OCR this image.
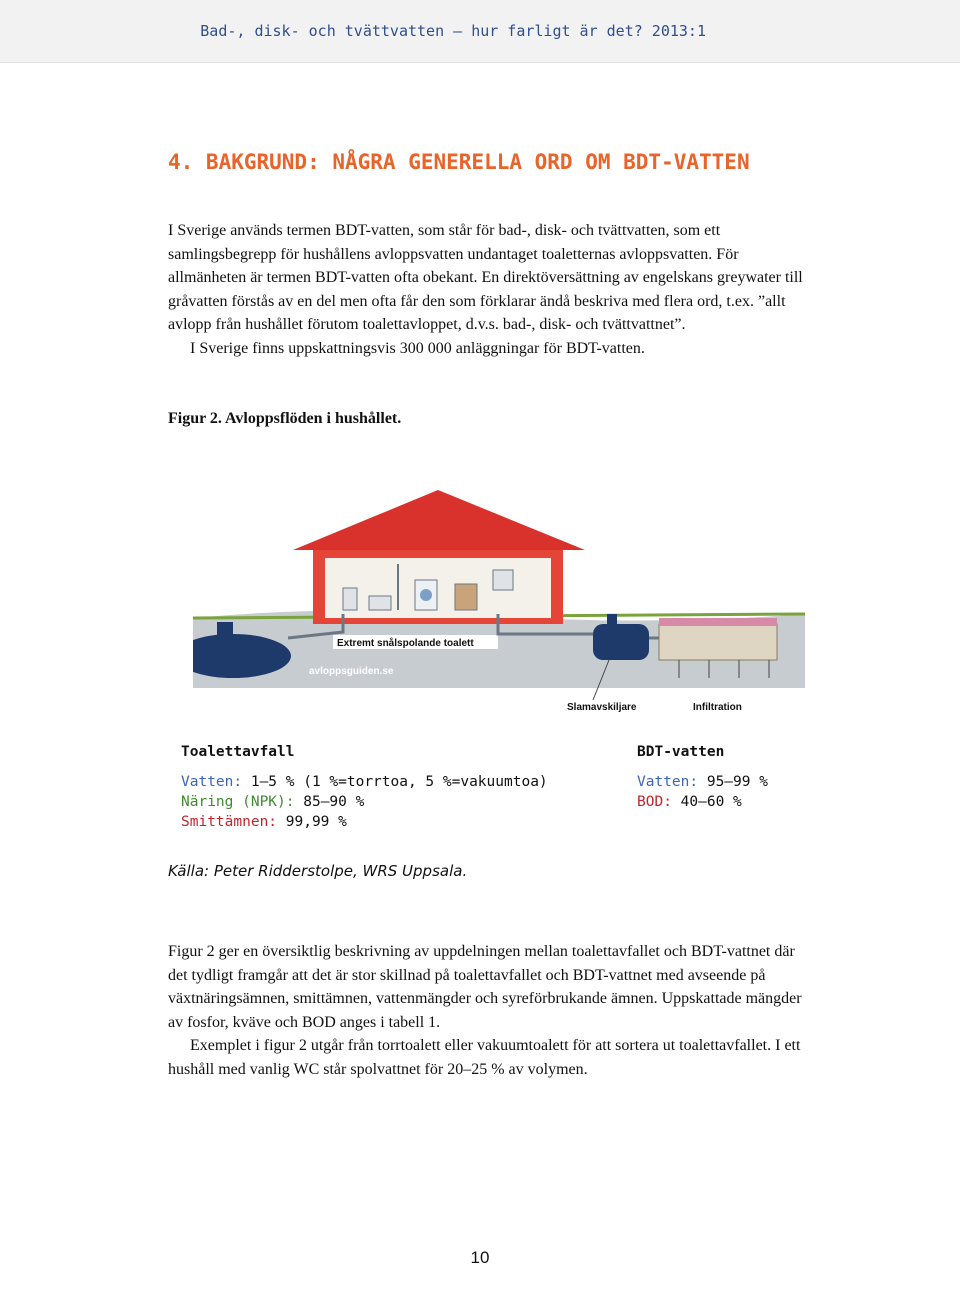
Bad-, disk- och tvättvatten – hur farligt är det? 2013:1
4. BAKGRUND: NÅGRA GENERELLA ORD OM BDT-VATTEN

I Sverige används termen BDT-vatten, som står för bad-, disk- och tvättvatten, som ett samlingsbegrepp för hushållens avloppsvatten undantaget toaletternas avloppsvatten. För allmänheten är termen BDT-vatten ofta obekant. En direktöversättning av engelskans greywater till gråvatten förstås av en del men ofta får den som förklarar ändå beskriva med flera ord, t.ex. ”allt avlopp från hushållet förutom toalettavloppet, d.v.s. bad-, disk- och tvättvattnet”.
I Sverige finns uppskattningsvis 300 000 anläggningar för BDT-vatten.

Figur 2. Avloppsflöden i hushållet.
Extremt snålspolande toalett
avloppsguiden.se
Slamavskiljare	Infiltration
Toalettavfall
Vatten: 1–5 % (1 %=torrtoa, 5 %=vakuumtoa)
Näring (NPK): 85–90 %
Smittämnen: 99,99 %
BDT-vatten
Vatten: 95–99 %
BOD: 40–60 %
Källa: Peter Ridderstolpe, WRS Uppsala.

Figur 2 ger en översiktlig beskrivning av uppdelningen mellan toalettavfallet och BDT-vattnet där det tydligt framgår att det är stor skillnad på toalettavfallet och BDT-vattnet med avseende på växtnäringsämnen, smittämnen, vattenmängder och syreförbrukande ämnen. Uppskattade mängder av fosfor, kväve och BOD anges i tabell 1.
Exemplet i figur 2 utgår från torrtoalett eller vakuumtoalett för att sortera ut toalettavfallet. I ett hushåll med vanlig WC står spolvattnet för 20–25 % av volymen.

10
